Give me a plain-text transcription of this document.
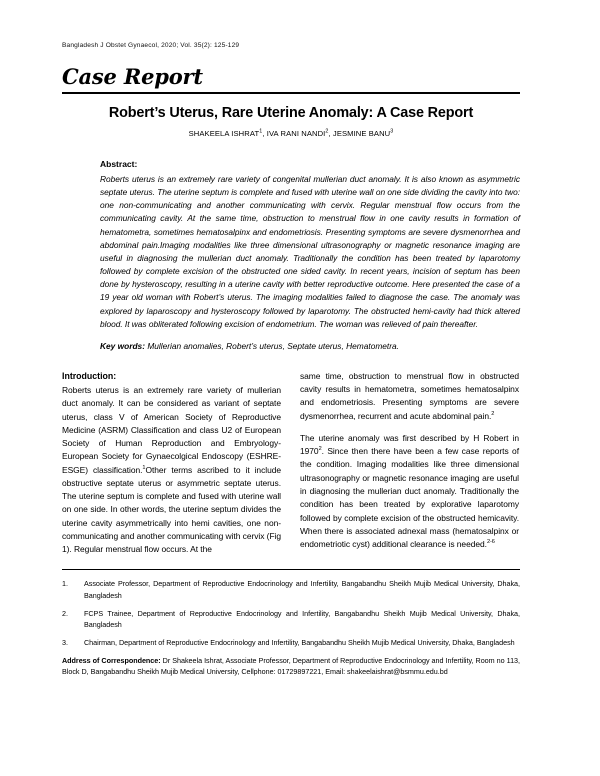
Bangladesh J Obstet Gynaecol, 2020; Vol. 35(2): 125-129
Case Report
Robert’s Uterus, Rare Uterine Anomaly: A Case Report
SHAKEELA ISHRAT$^1$, IVA RANI NANDI$^2$, JESMINE BANU$^3$
Abstract:
Roberts uterus is an extremely rare variety of congenital mullerian duct anomaly. It is also known as asymmetric septate uterus. The uterine septum is complete and fused with uterine wall on one side dividing the cavity into two: one non-communicating and another communicating with cervix. Regular menstrual flow occurs from the communicating cavity. At the same time, obstruction to menstrual flow in one cavity results in formation of hematometra, sometimes hematosalpinx and endometriosis. Presenting symptoms are severe dysmenorrhea and abdominal pain.Imaging modalities like three dimensional ultrasonography or magnetic resonance imaging are useful in diagnosing the mullerian duct anomaly. Traditionally the condition has been treated by laparotomy followed by complete excision of the obstructed one sided cavity. In recent years, incision of septum has been done by hysteroscopy, resulting in a uterine cavity with better reproductive outcome. Here presented the case of a 19 year old woman with Robert’s uterus. The imaging modalities failed to diagnose the case. The anomaly was explored by laparoscopy and hysteroscopy followed by laparotomy. The obstructed hemi-cavity had thick altered blood. It was obliterated following excision of endometrium. The woman was relieved of pain thereafter.
Key words: Mullerian anomalies, Robert’s uterus, Septate uterus, Hematometra.
Introduction:

Roberts uterus is an extremely rare variety of mullerian duct anomaly. It can be considered as variant of septate uterus, class V of American Society of Reproductive Medicine (ASRM) Classification and class U2 of European Society of Human Reproduction and Embryology-European Society for Gynaecolgical Endoscopy (ESHRE-ESGE) classification.$^1$Other terms ascribed to it include obstructive septate uterus or asymmetric septate uterus. The uterine septum is complete and fused with uterine wall on one side. In other words, the uterine septum divides the uterine cavity asymmetrically into hemi cavities, one non-communicating and another communicating with cervix (Fig 1). Regular menstrual flow occurs. At the

same time, obstruction to menstrual flow in obstructed cavity results in hematometra, sometimes hematosalpinx and endometriosis. Presenting symptoms are severe dysmenorrhea, recurrent and acute abdominal pain.$^2$

The uterine anomaly was first described by H Robert in 1970$^2$. Since then there have been a few case reports of the condition. Imaging modalities like three dimensional ultrasonography or magnetic resonance imaging are useful in diagnosing the mullerian duct anomaly. Traditionally the condition has been treated by explorative laparotomy followed by complete excision of the obstructed hemicavity. When there is associated adnexal mass (hematosalpinx or endometriotic cyst) additional clearance is needed.$^{2-6}$

1.	Associate Professor, Department of Reproductive Endocrinology and Infertility, Bangabandhu Sheikh Mujib Medical University, Dhaka, Bangladesh
2.	FCPS Trainee, Department of Reproductive Endocrinology and Infertility, Bangabandhu Sheikh Mujib Medical University, Dhaka, Bangladesh
3.	Chairman, Department of Reproductive Endocrinology and Infertility, Bangabandhu Sheikh Mujib Medical University, Dhaka, Bangladesh
Address of Correspondence: Dr Shakeela Ishrat, Associate Professor, Department of Reproductive Endocrinology and Infertility, Room no 113, Block D, Bangabandhu Sheikh Mujib Medical University, Cellphone: 01729897221, Email: shakeelaishrat@bsmmu.edu.bd
